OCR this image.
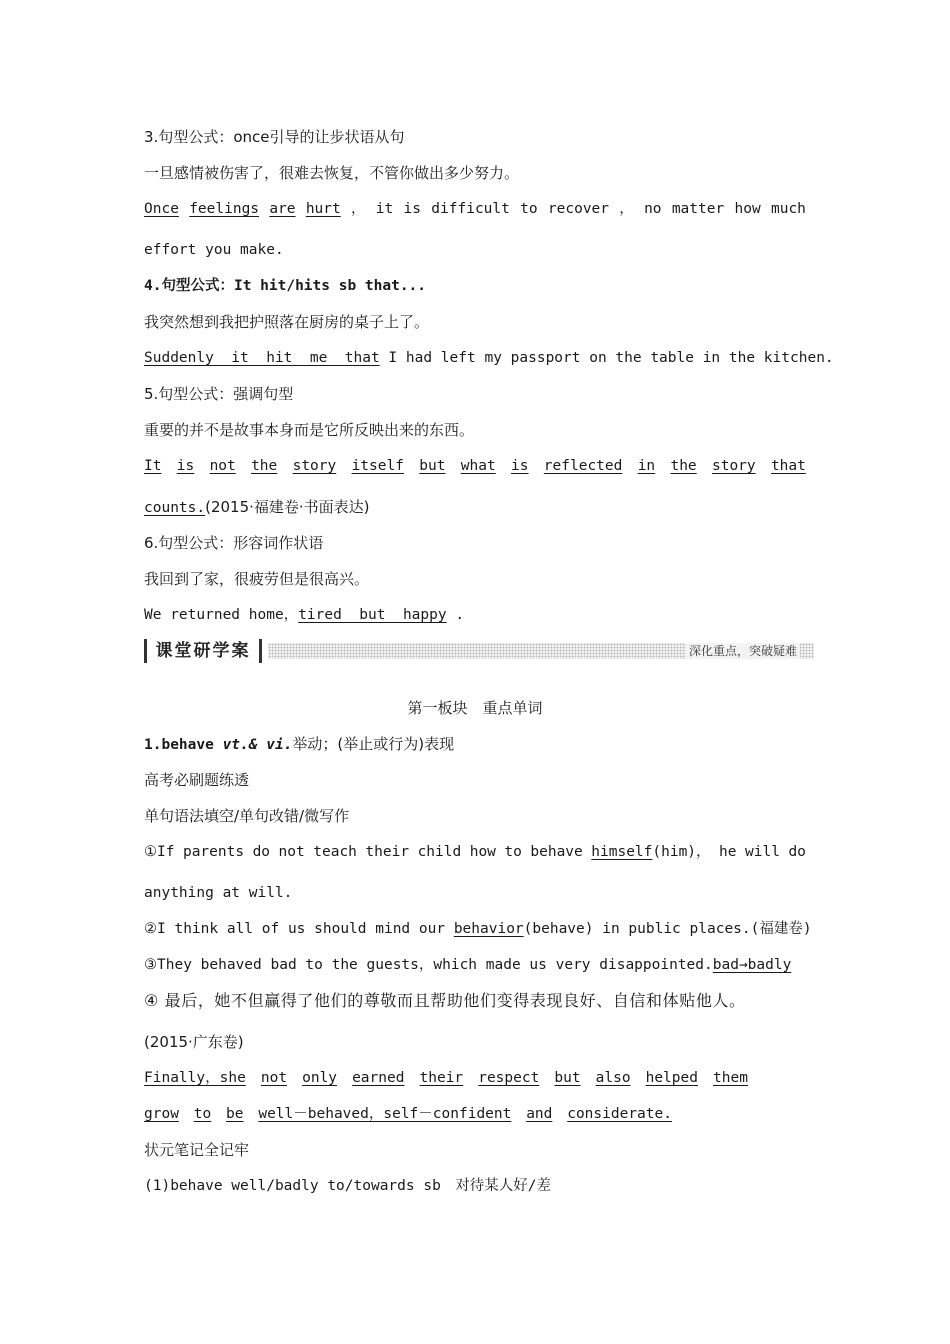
3.句型公式：once引导的让步状语从句
一旦感情被伤害了，很难去恢复，不管你做出多少努力。
Once feelings are hurt ， it is difficult to recover ， no matter how much
effort you make.
4.句型公式：It hit/hits sb that...
我突然想到我把护照落在厨房的桌子上了。
Suddenly  it  hit  me  that I had left my passport on the table in the kitchen.
5.句型公式：强调句型
重要的并不是故事本身而是它所反映出来的东西。
It is not the story itself but what is reflected in the story that
counts.(2015·福建卷·书面表达)
6.句型公式：形容词作状语
我回到了家，很疲劳但是很高兴。
We returned home，tired  but  happy .
课堂研学案	深化重点，突破疑难
第一板块　重点单词
1.behave vt.& vi.举动；(举止或行为)表现
高考必刷题练透
单句语法填空/单句改错/微写作
①If parents do not teach their child how to behave himself(him)， he will do
anything at will.
②I think all of us should mind our behavior(behave) in public places.(福建卷)
③They behaved bad to the guests，which made us very disappointed.bad→badly
④ 最后，她不但赢得了他们的尊敬而且帮助他们变得表现良好、自信和体贴他人。
(2015·广东卷)
Finally，she not only earned their respect but also helped them
grow to be well－behaved，self－confident and considerate.
状元笔记全记牢
(1)behave well/badly to/towards sb　对待某人好/差
